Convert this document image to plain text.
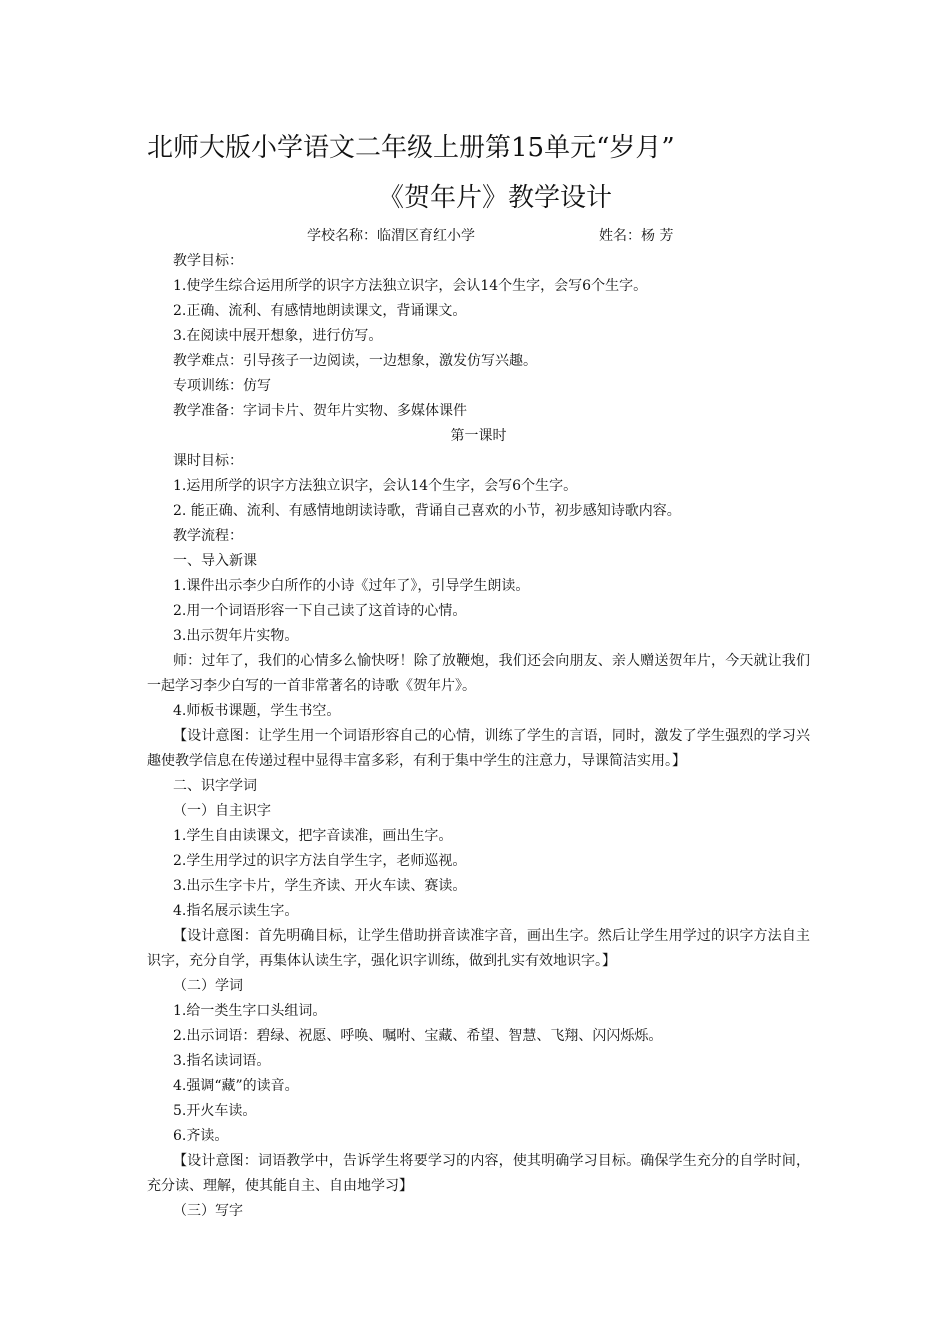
北师大版小学语文二年级上册第15单元“岁月”
《贺年片》教学设计
学校名称：临渭区育红小学	姓名：杨 芳

教学目标：

1.使学生综合运用所学的识字方法独立识字，会认14个生字，会写6个生字。

2.正确、流利、有感情地朗读课文，背诵课文。

3.在阅读中展开想象，进行仿写。

教学难点：引导孩子一边阅读，一边想象，激发仿写兴趣。

专项训练：仿写

教学准备：字词卡片、贺年片实物、多媒体课件

第一课时

课时目标：

1.运用所学的识字方法独立识字，会认14个生字，会写6个生字。

2. 能正确、流利、有感情地朗读诗歌，背诵自己喜欢的小节，初步感知诗歌内容。

教学流程：

一、导入新课

1.课件出示李少白所作的小诗《过年了》，引导学生朗读。

2.用一个词语形容一下自己读了这首诗的心情。

3.出示贺年片实物。

师：过年了，我们的心情多么愉快呀！除了放鞭炮，我们还会向朋友、亲人赠送贺年片，今天就让我们一起学习李少白写的一首非常著名的诗歌《贺年片》。

4.师板书课题，学生书空。

【设计意图：让学生用一个词语形容自己的心情，训练了学生的言语，同时，激发了学生强烈的学习兴趣使教学信息在传递过程中显得丰富多彩，有利于集中学生的注意力，导课简洁实用。】

二、识字学词

（一）自主识字

1.学生自由读课文，把字音读准，画出生字。

2.学生用学过的识字方法自学生字，老师巡视。

3.出示生字卡片，学生齐读、开火车读、赛读。

4.指名展示读生字。

【设计意图：首先明确目标，让学生借助拼音读准字音，画出生字。然后让学生用学过的识字方法自主识字，充分自学，再集体认读生字，强化识字训练，做到扎实有效地识字。】

（二）学词

1.给一类生字口头组词。

2.出示词语：碧绿、祝愿、呼唤、嘱咐、宝藏、希望、智慧、飞翔、闪闪烁烁。

3.指名读词语。

4.强调“藏”的读音。

5.开火车读。

6.齐读。

【设计意图：词语教学中，告诉学生将要学习的内容，使其明确学习目标。确保学生充分的自学时间，充分读、理解，使其能自主、自由地学习】

（三）写字
